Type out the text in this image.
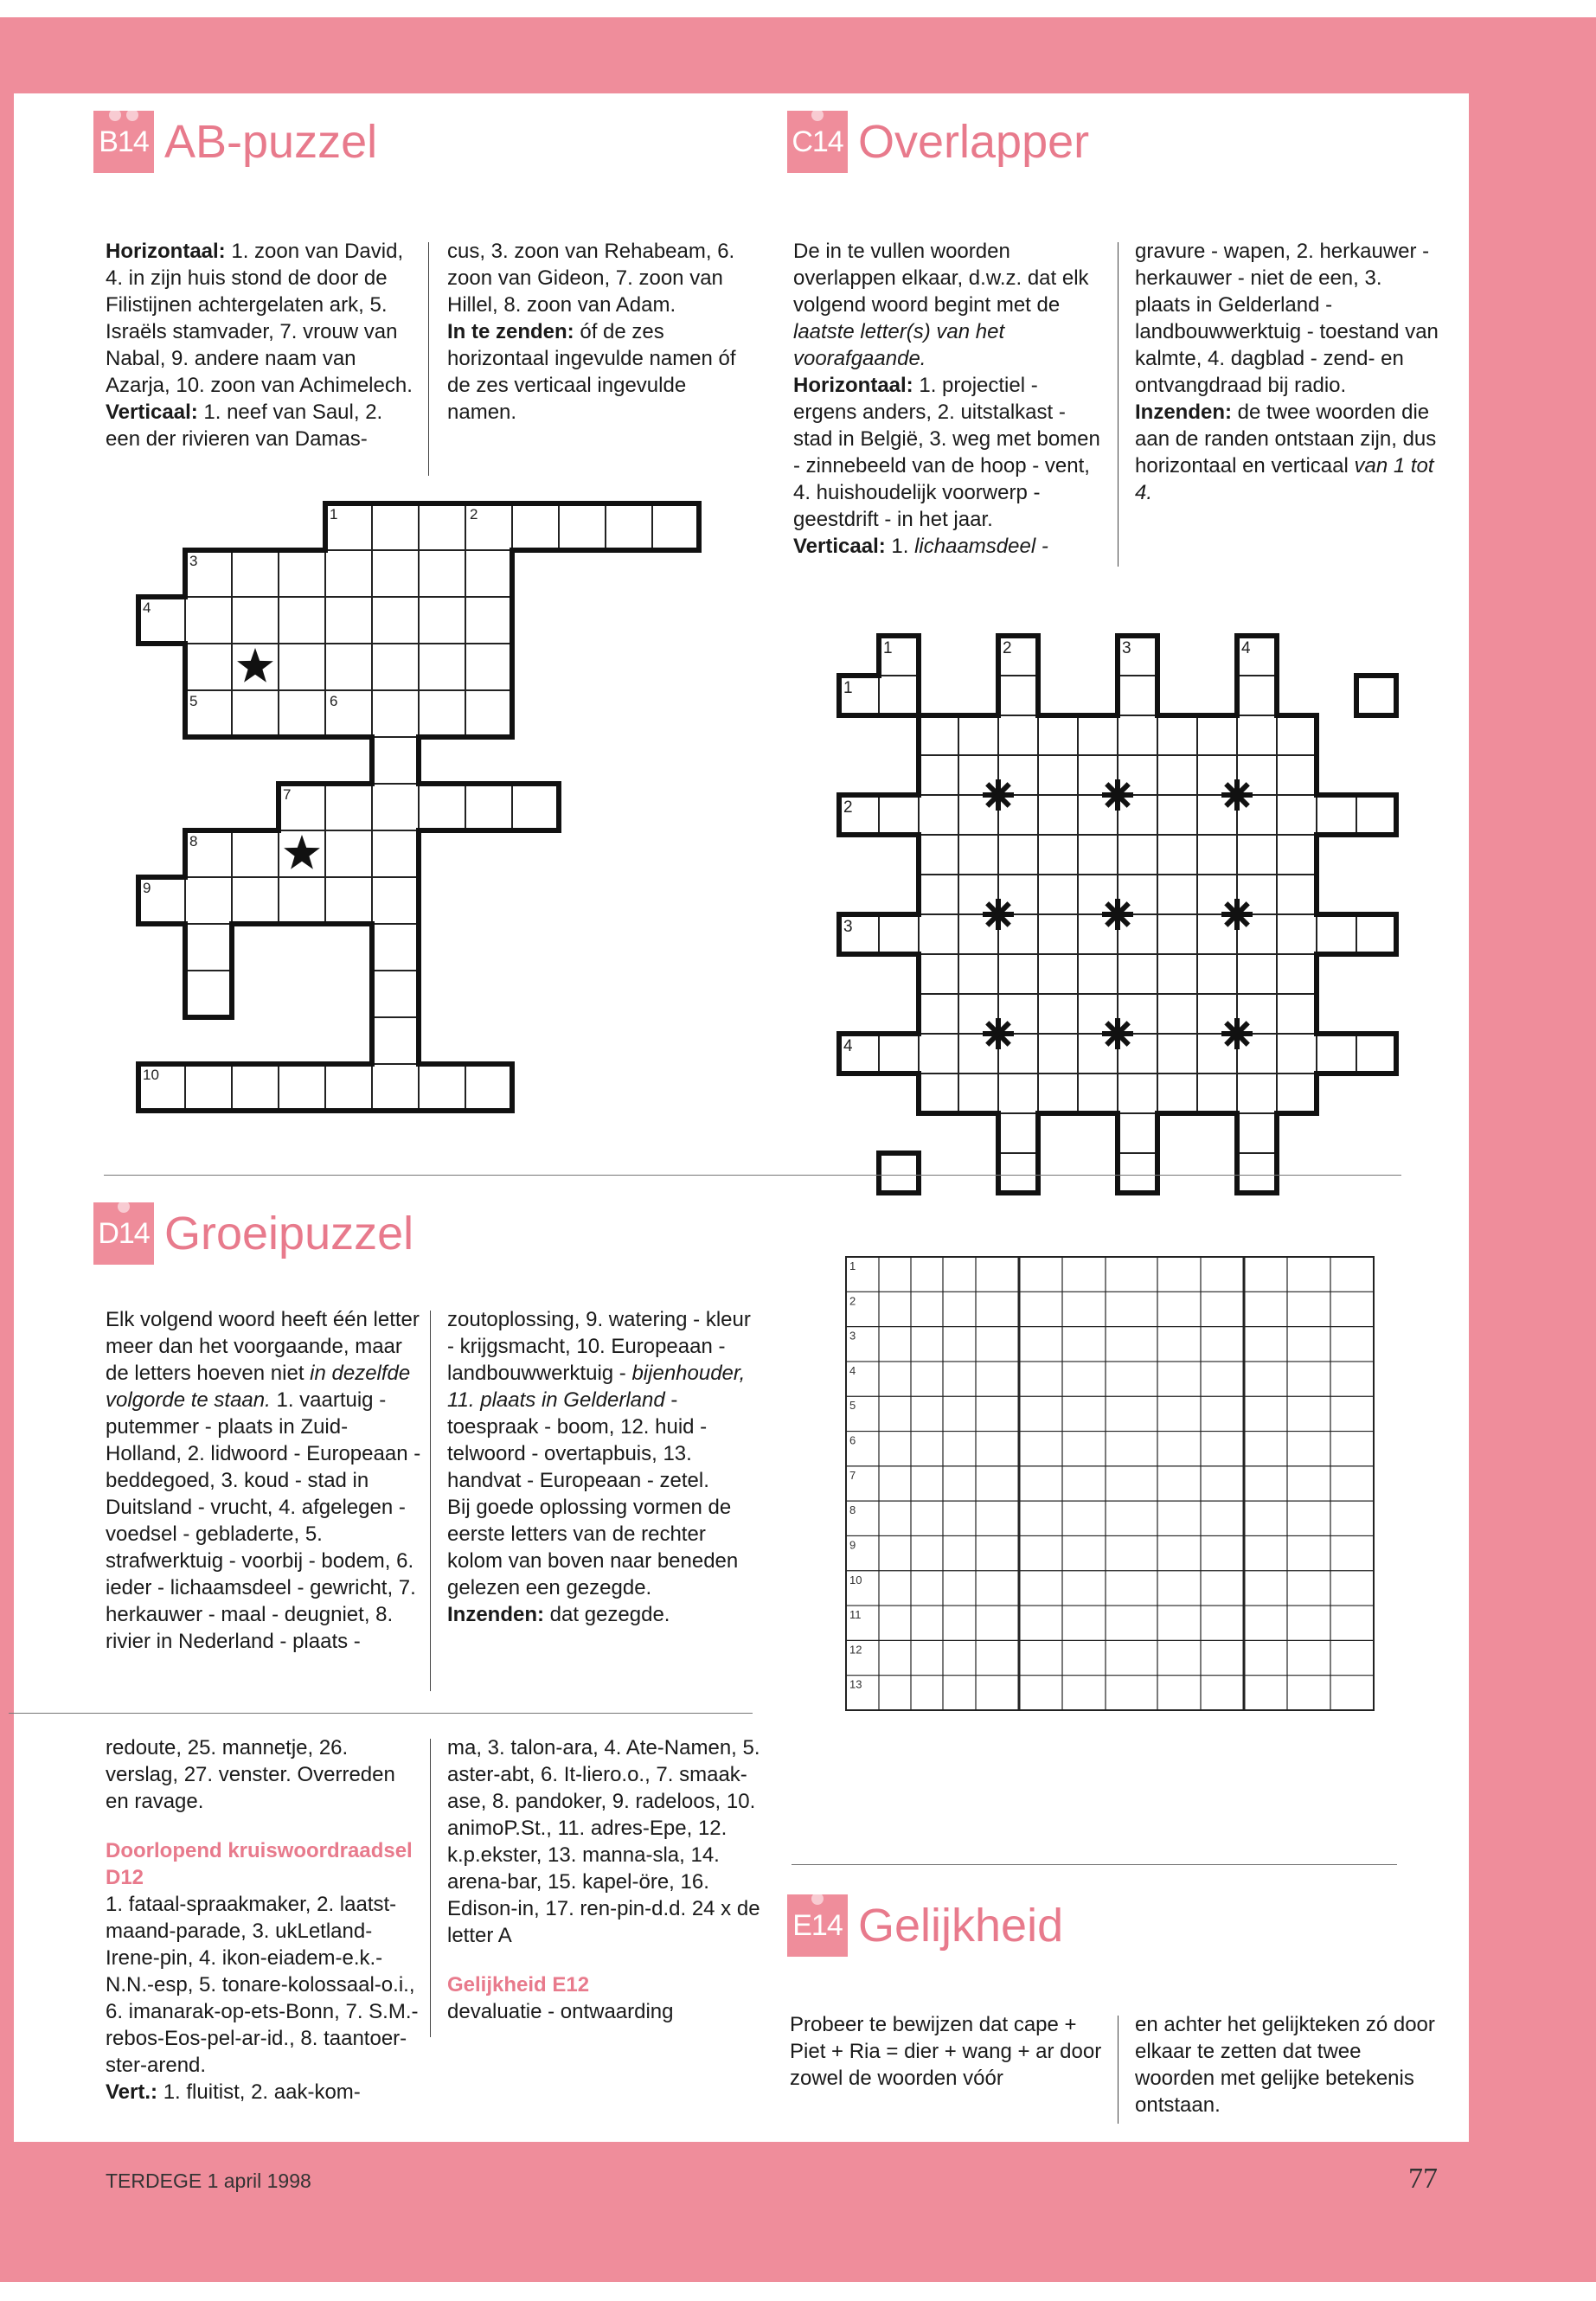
B14 AB-puzzel

Horizontaal: 1. zoon van David, 4. in zijn huis stond de door de Filistijnen achtergelaten ark, 5. Israëls stamvader, 7. vrouw van Nabal, 9. andere naam van Azarja, 10. zoon van Achimelech.

Verticaal: 1. neef van Saul, 2. een der rivieren van Damas-

cus, 3. zoon van Rehabeam, 6. zoon van Gideon, 7. zoon van Hillel, 8. zoon van Adam.

In te zenden: óf de zes horizontaal ingevulde namen óf de zes verticaal ingevulde namen.

1	2
3
4
5	6
7
8
9
10
C14 Overlapper

De in te vullen woorden overlappen elkaar, d.w.z. dat elk volgend woord begint met de laatste letter(s) van het voorafgaande.

Horizontaal: 1. projectiel - ergens anders, 2. uitstalkast - stad in België, 3. weg met bomen - zinnebeeld van de hoop - vent, 4. huishoudelijk voorwerp - geestdrift - in het jaar.

Verticaal: 1. lichaamsdeel -

gravure - wapen, 2. herkauwer - herkauwer - niet de een, 3. plaats in Gelderland - landbouwwerktuig - toestand van kalmte, 4. dagblad - zend- en ontvangdraad bij radio.

Inzenden: de twee woorden die aan de randen ontstaan zijn, dus horizontaal en verticaal van 1 tot 4.

1	2	3	4
1
2
3
4
D14 Groeipuzzel

Elk volgend woord heeft één letter meer dan het voorgaande, maar de letters hoeven niet in dezelfde volgorde te staan. 1. vaartuig - putemmer - plaats in Zuid-Holland, 2. lidwoord - Europeaan - beddegoed, 3. koud - stad in Duitsland - vrucht, 4. afgelegen - voedsel - gebladerte, 5. strafwerktuig - voorbij - bodem, 6. ieder - lichaamsdeel - gewricht, 7. herkauwer - maal - deugniet, 8. rivier in Nederland - plaats -

zoutoplossing, 9. watering - kleur - krijgsmacht, 10. Europeaan - landbouwwerktuig - bijenhouder, 11. plaats in Gelderland - toespraak - boom, 12. huid - telwoord - overtapbuis, 13. handvat - Europeaan - zetel.

Bij goede oplossing vormen de eerste letters van de rechter kolom van boven naar beneden gelezen een gezegde.

Inzenden: dat gezegde.

1
2
3
4
5
6
7
8
9
10
11
12
13

redoute, 25. mannetje, 26. verslag, 27. venster. Overreden en ravage.

Doorlopend kruiswoordraadsel D12

1. fataal-spraakmaker, 2. laatst-maand-parade, 3. ukLetland-Irene-pin, 4. ikon-eiadem-e.k.-N.N.-esp, 5. tonare-kolossaal-o.i., 6. imanarak-op-ets-Bonn, 7. S.M.-rebos-Eos-pel-ar-id., 8. taantoer-ster-arend.

Vert.: 1. fluitist, 2. aak-kom-

ma, 3. talon-ara, 4. Ate-Namen, 5. aster-abt, 6. It-liero.o., 7. smaak-ase, 8. pandoker, 9. radeloos, 10. animoP.St., 11. adres-Epe, 12. k.p.ekster, 13. manna-sla, 14. arena-bar, 15. kapel-öre, 16. Edison-in, 17. ren-pin-d.d. 24 x de letter A

Gelijkheid E12

devaluatie - ontwaarding

E14 Gelijkheid

Probeer te bewijzen dat cape + Piet + Ria = dier + wang + ar door zowel de woorden vóór

en achter het gelijkteken zó door elkaar te zetten dat twee woorden met gelijke betekenis ontstaan.

TERDEGE 1 april 1998	77
